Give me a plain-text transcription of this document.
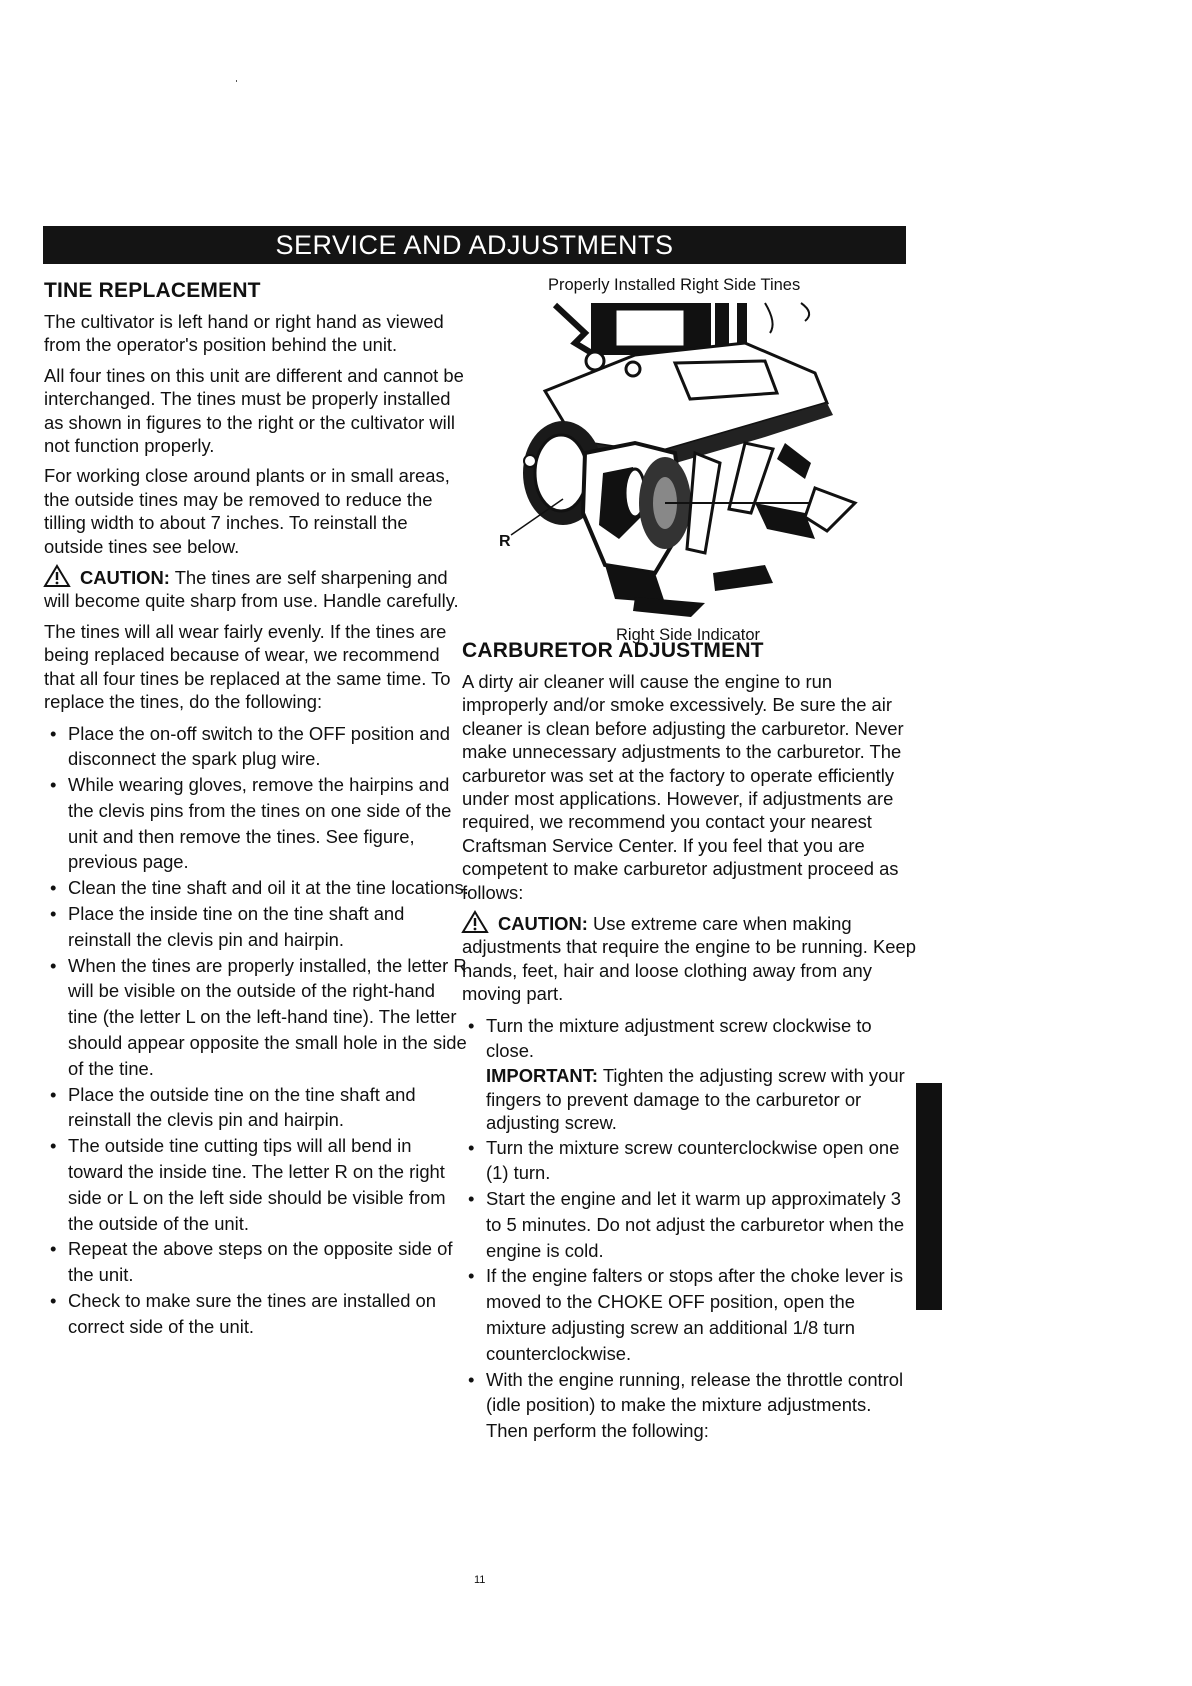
SERVICE AND ADJUSTMENTS
TINE REPLACEMENT

The cultivator is left hand or right hand as viewed from the operator's position behind the unit.

All four tines on this unit are different and cannot be interchanged. The tines must be properly installed as shown in figures to the right or the cultivator will not function properly.

For working close around plants or in small areas, the outside tines may be removed to reduce the tilling width to about 7 inches. To reinstall the outside tines see below.

CAUTION: The tines are self sharpening and will become quite sharp from use. Handle carefully.

The tines will all wear fairly evenly. If the tines are being replaced because of wear, we recommend that all four tines be replaced at the same time. To replace the tines, do the following:

• Place the on-off switch to the OFF position and disconnect the spark plug wire.
• While wearing gloves, remove the hairpins and the clevis pins from the tines on one side of the unit and then remove the tines. See figure, previous page.
• Clean the tine shaft and oil it at the tine locations.
• Place the inside tine on the tine shaft and reinstall the clevis pin and hairpin.
• When the tines are properly installed, the letter R will be visible on the outside of the right-hand tine (the letter L on the left-hand tine). The letter should appear opposite the small hole in the side of the tine.
• Place the outside tine on the tine shaft and reinstall the clevis pin and hairpin.
• The outside tine cutting tips will all bend in toward the inside tine. The letter R on the right side or L on the left side should be visible from the outside of the unit.
• Repeat the above steps on the opposite side of the unit.
• Check to make sure the tines are installed on correct side of the unit.
Properly Installed Right Side Tines
R
Right Side Indicator
CARBURETOR ADJUSTMENT

A dirty air cleaner will cause the engine to run improperly and/or smoke excessively. Be sure the air cleaner is clean before adjusting the carburetor. Never make unnecessary adjustments to the carburetor. The carburetor was set at the factory to operate efficiently under most applications. However, if adjustments are required, we recommend you contact your nearest Craftsman Service Center. If you feel that you are competent to make carburetor adjustment proceed as follows:

CAUTION: Use extreme care when making adjustments that require the engine to be running. Keep hands, feet, hair and loose clothing away from any moving part.

• Turn the mixture adjustment screw clockwise to close.

IMPORTANT: Tighten the adjusting screw with your fingers to prevent damage to the carburetor or adjusting screw.

• Turn the mixture screw counterclockwise open one (1) turn.
• Start the engine and let it warm up approximately 3 to 5 minutes. Do not adjust the carburetor when the engine is cold.
• If the engine falters or stops after the choke lever is moved to the CHOKE OFF position, open the mixture adjusting screw an additional 1/8 turn counterclockwise.
• With the engine running, release the throttle control (idle position) to make the mixture adjustments. Then perform the following:
11
